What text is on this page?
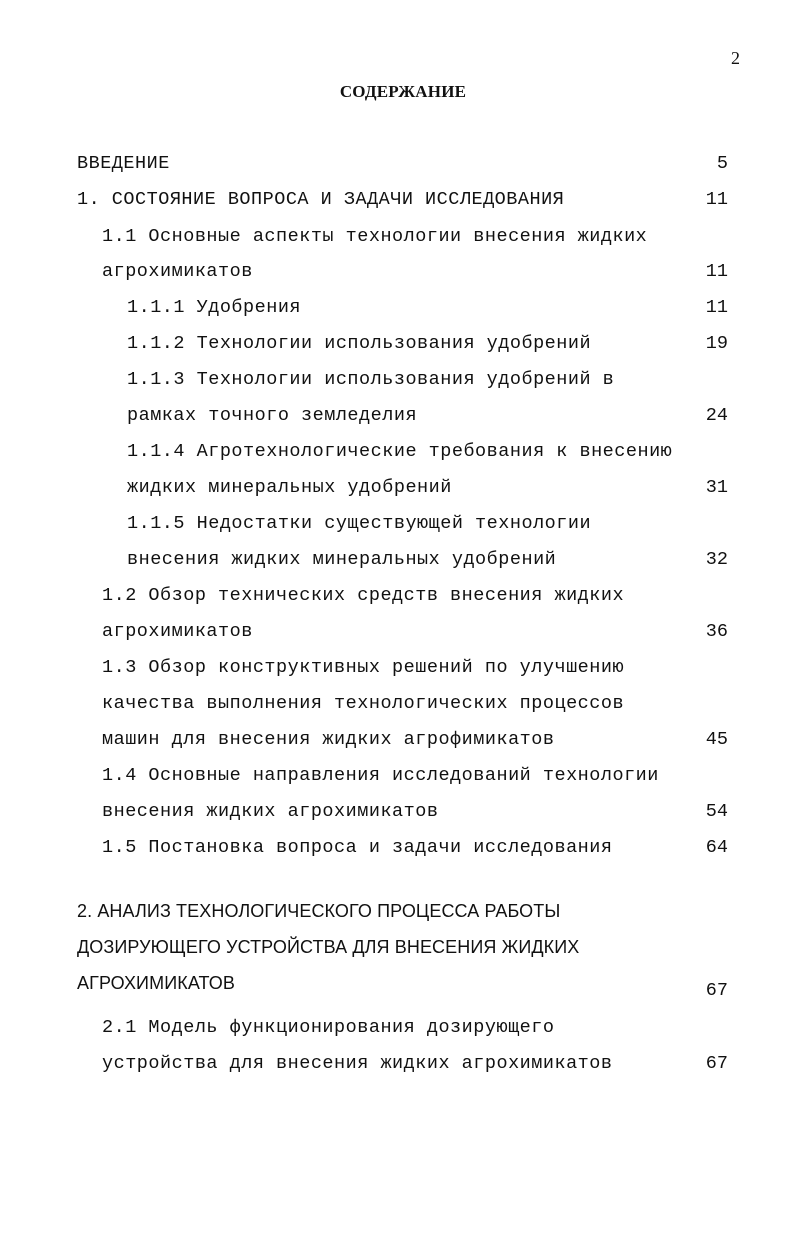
2
СОДЕРЖАНИЕ
ВВЕДЕНИЕ	5
1. СОСТОЯНИЕ ВОПРОСА И ЗАДАЧИ ИССЛЕДОВАНИЯ	11
1.1 Основные аспекты технологии внесения жидких
агрохимикатов	11
1.1.1 Удобрения	11
1.1.2 Технологии использования удобрений	19
1.1.3 Технологии использования удобрений в
рамках точного земледелия	24
1.1.4 Агротехнологические требования к внесению
жидких минеральных удобрений	31
1.1.5 Недостатки существующей технологии
внесения жидких минеральных удобрений	32
1.2 Обзор технических средств внесения жидких
агрохимикатов	36
1.3 Обзор конструктивных решений по улучшению
качества выполнения технологических процессов
машин для внесения жидких агрофимикатов	45
1.4 Основные направления исследований технологии
внесения жидких агрохимикатов	54
1.5 Постановка вопроса и задачи исследования	64
2. АНАЛИЗ ТЕХНОЛОГИЧЕСКОГО ПРОЦЕССА РАБОТЫ
ДОЗИРУЮЩЕГО УСТРОЙСТВА ДЛЯ ВНЕСЕНИЯ ЖИДКИХ
АГРОХИМИКАТОВ	67
2.1 Модель функционирования дозирующего
устройства для внесения жидких агрохимикатов	67
